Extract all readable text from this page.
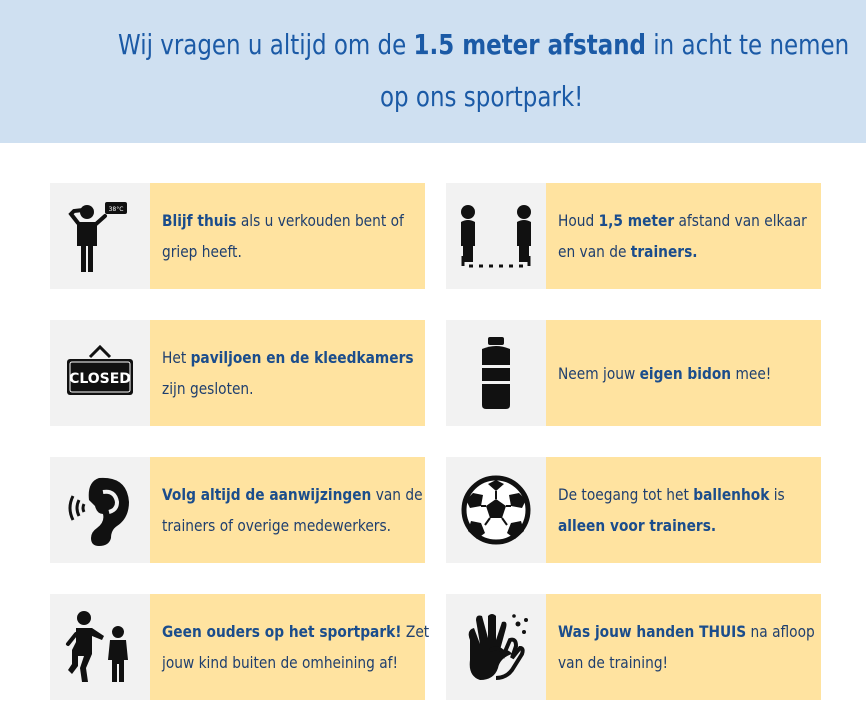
Wij vragen u altijd om de 1.5 meter afstand in acht te nemen
op ons sportpark!
38°C
Blijf thuis als u verkouden bent of
griep heeft.
Houd 1,5 meter afstand van elkaar
en van de trainers.
CLOSED
Het paviljoen en de kleedkamers
zijn gesloten.
Neem jouw eigen bidon mee!
Volg altijd de aanwijzingen van de
trainers of overige medewerkers.
De toegang tot het ballenhok is
alleen voor trainers.
Geen ouders op het sportpark! Zet
jouw kind buiten de omheining af!
Was jouw handen THUIS na afloop
van de training!
